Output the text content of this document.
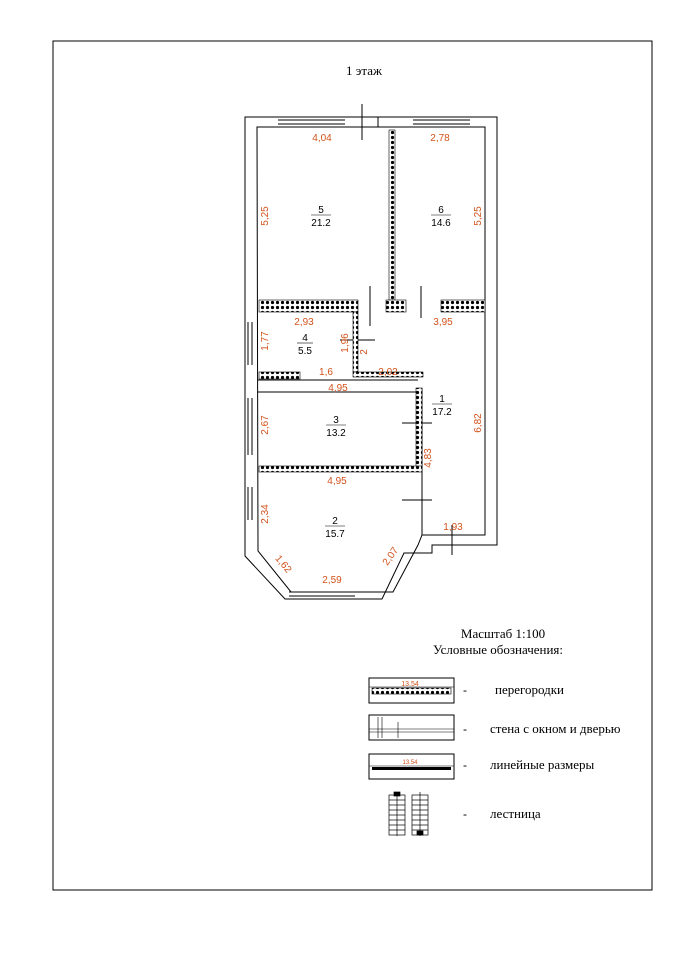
1 этаж
5
21.2
6
14.6
4
5.5
3
13.2
1
17.2
2
15.7
4,04	2,78
5,25	5,25
2,93	3,95
1,77	1,96 2
2,02
1,6
4,95
2,67	6,82
4,83
4,95
2,34
1,62
2,59
2,07
1,93
Масштаб 1:100
Условные обозначения:
13.54	- перегородки
- стена с окном и дверью
13.54	- линейные размеры
- лестница
